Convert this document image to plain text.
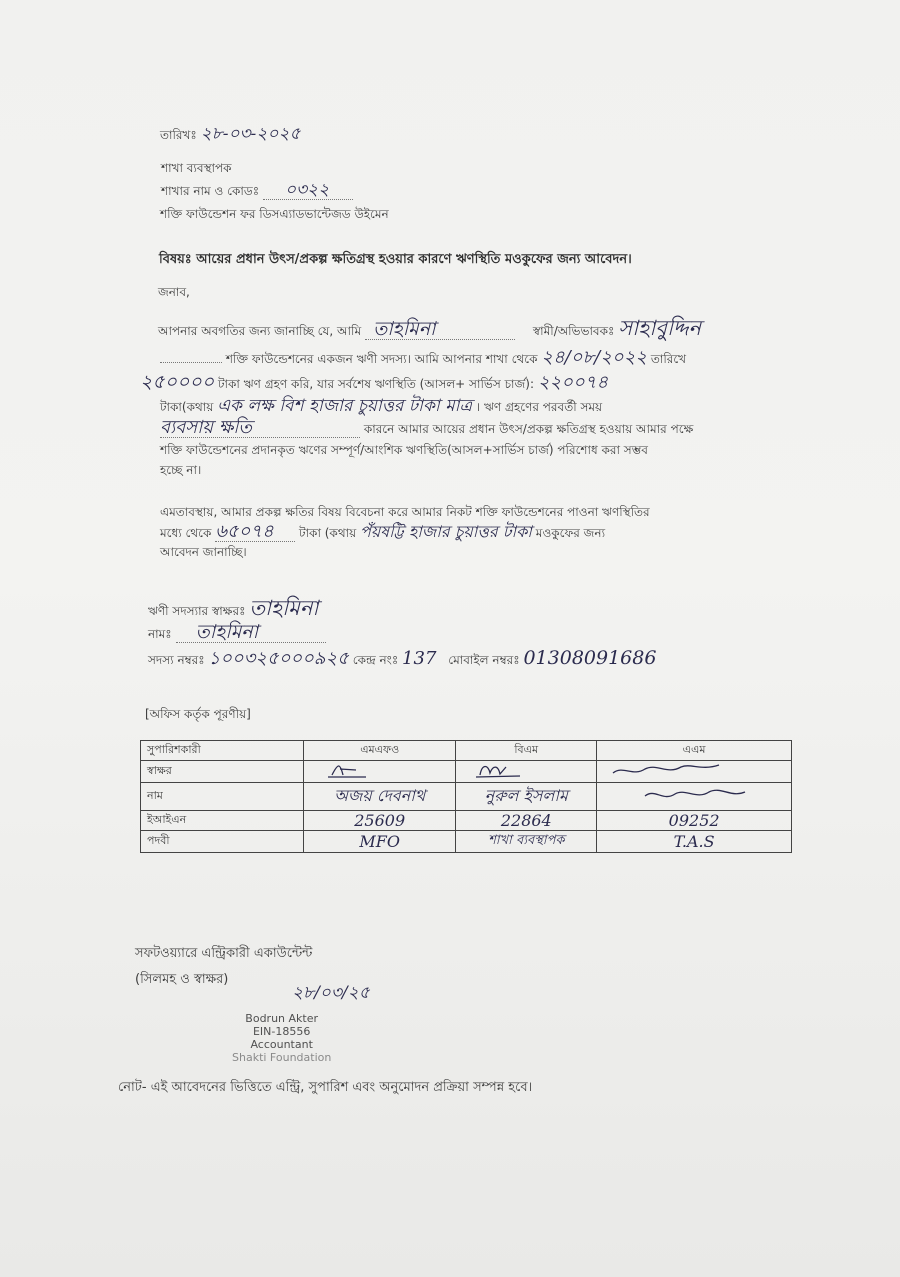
তারিখঃ ২৮-০৩-২০২৫
শাখা ব্যবস্থাপক
শাখার নাম ও কোডঃ ০৩২২
শক্তি ফাউন্ডেশন ফর ডিসএ্যাডভান্টেজড উইমেন
বিষয়ঃ আয়ের প্রধান উৎস/প্রকল্প ক্ষতিগ্রস্থ হওয়ার কারণে ঋণস্থিতি মওকুফের জন্য আবেদন।
জনাব,
আপনার অবগতির জন্য জানাচ্ছি যে, আমি তাহমিনা	স্বামী/অভিভাবকঃ সাহাবুদ্দিন
শক্তি ফাউন্ডেশনের একজন ঋণী সদস্য। আমি আপনার শাখা থেকে ২৪/০৮/২০২২ তারিখে
২৫০০০০ টাকা ঋণ গ্রহণ করি, যার সর্বশেষ ঋণস্থিতি (আসল+ সার্ভিস চার্জ): ২২০০৭৪
টাকা(কথায় এক লক্ষ বিশ হাজার চুয়াত্তর টাকা মাত্র । ঋণ গ্রহণের পরবর্তী সময়
ব্যবসায় ক্ষতি	কারনে আমার আয়ের প্রধান উৎস/প্রকল্প ক্ষতিগ্রস্থ হওয়ায় আমার পক্ষে
শক্তি ফাউন্ডেশনের প্রদানকৃত ঋণের সম্পূর্ণ/আংশিক ঋণস্থিতি(আসল+সার্ভিস চার্জ) পরিশোধ করা সম্ভব
হচ্ছে না।
এমতাবস্থায়, আমার প্রকল্প ক্ষতির বিষয় বিবেচনা করে আমার নিকট শক্তি ফাউন্ডেশনের পাওনা ঋণস্থিতির
মধ্যে থেকে ৬৫০৭৪ টাকা (কথায় পঁয়ষট্টি হাজার চুয়াত্তর টাকা মওকুফের জন্য
আবেদন জানাচ্ছি।
ঋণী সদস্যার স্বাক্ষরঃ তাহমিনা
নামঃ তাহমিনা
সদস্য নম্বরঃ ১০০৩২৫০০০৯২৫ কেন্দ্র নংঃ 137 মোবাইল নম্বরঃ 01308091686
[অফিস কর্তৃক পূরণীয়]
সুপারিশকারী	এমএফও	বিএম	এএম
স্বাক্ষর			
নাম	অজয় দেবনাথ	নুরুল ইসলাম	
ইআইএন	25609	22864	09252
পদবী	MFO	শাখা ব্যবস্থাপক	T.A.S
সফটওয়্যারে এন্ট্রিকারী একাউন্টেন্ট
(সিলমহ ও স্বাক্ষর)
২৮/০৩/২৫
Bodrun Akter
EIN-18556
Accountant
Shakti Foundation
নোট- এই আবেদনের ভিত্তিতে এন্ট্রি, সুপারিশ এবং অনুমোদন প্রক্রিয়া সম্পন্ন হবে।
